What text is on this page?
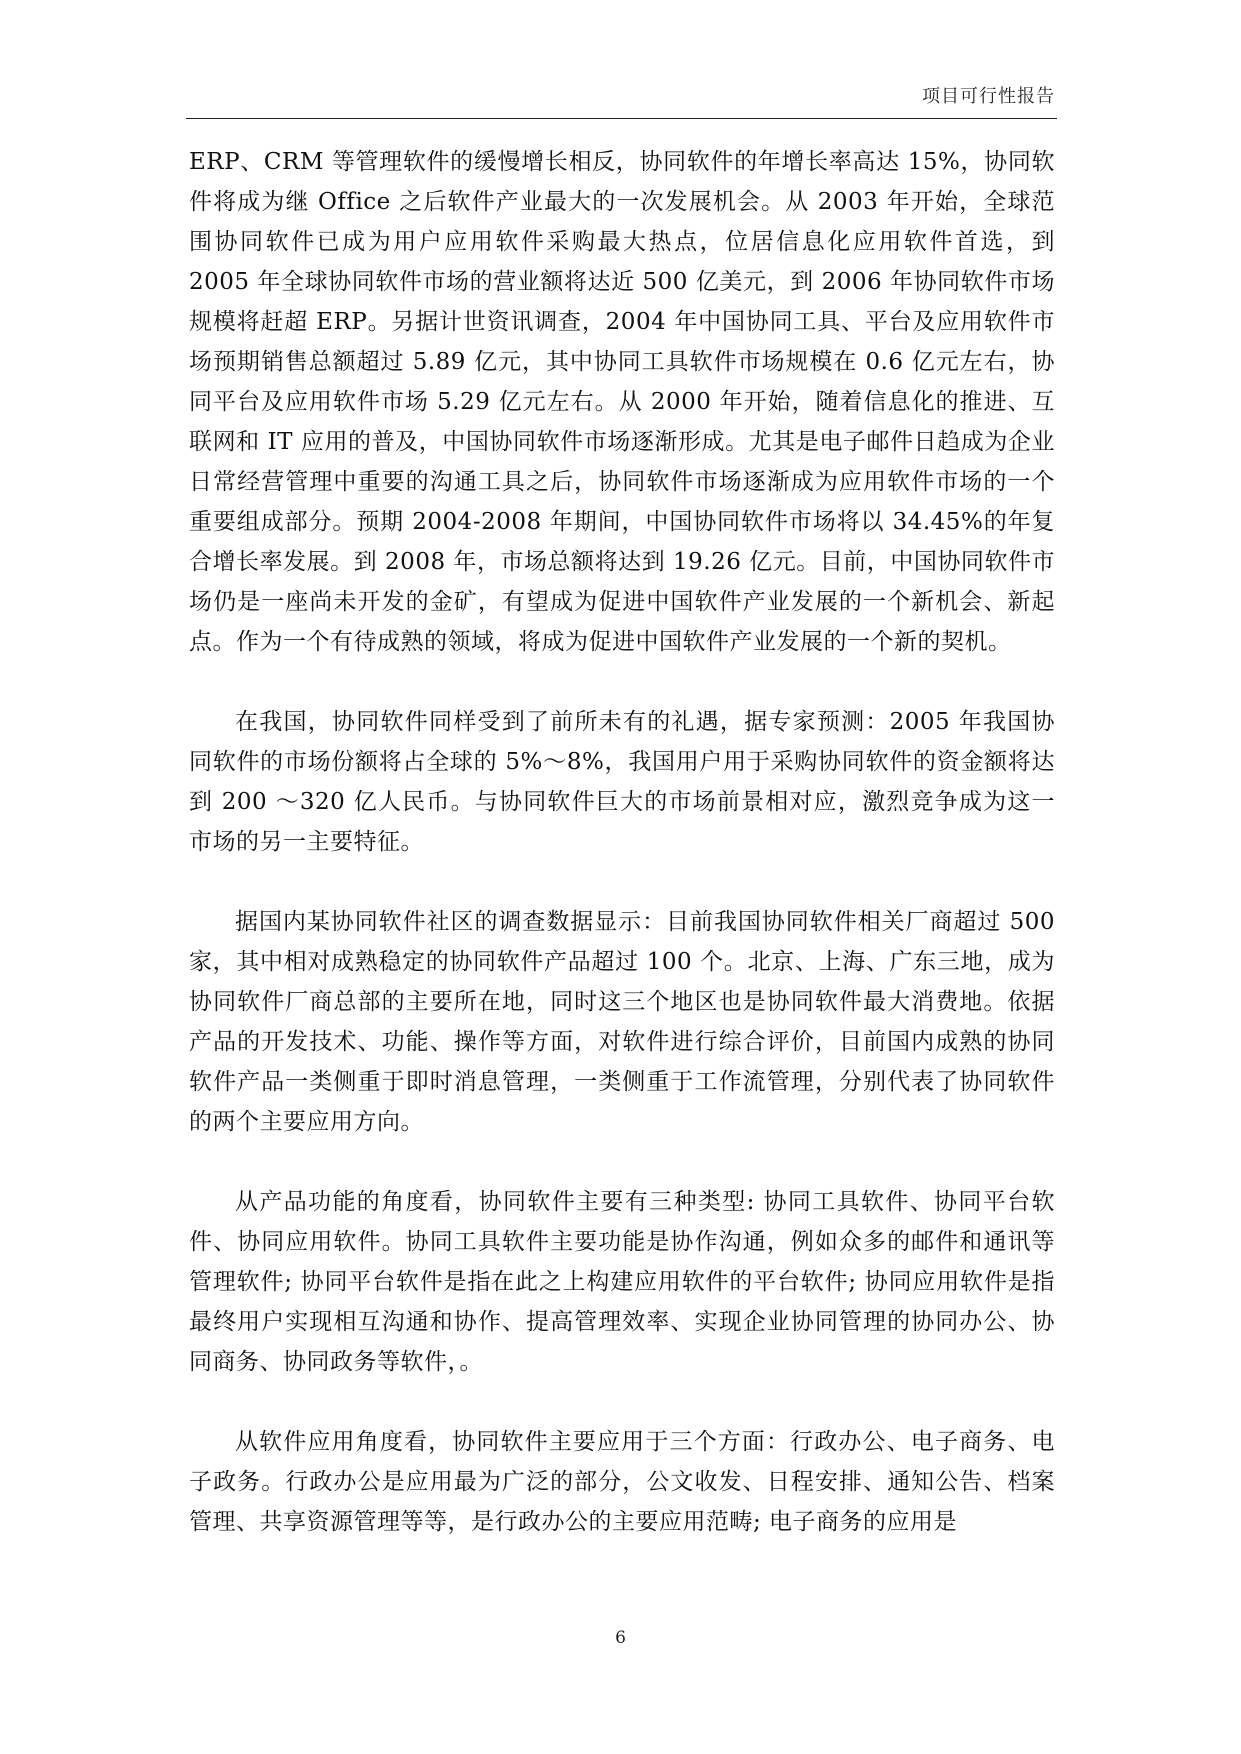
项目可行性报告

ERP、CRM 等管理软件的缓慢增长相反，协同软件的年增长率高达 15%，协同软件将成为继 Office 之后软件产业最大的一次发展机会。从 2003 年开始，全球范围协同软件已成为用户应用软件采购最大热点，位居信息化应用软件首选，到 2005 年全球协同软件市场的营业额将达近 500 亿美元，到 2006 年协同软件市场规模将赶超 ERP。另据计世资讯调查，2004 年中国协同工具、平台及应用软件市场预期销售总额超过 5.89 亿元，其中协同工具软件市场规模在 0.6 亿元左右，协同平台及应用软件市场 5.29 亿元左右。从 2000 年开始，随着信息化的推进、互联网和 IT 应用的普及，中国协同软件市场逐渐形成。尤其是电子邮件日趋成为企业日常经营管理中重要的沟通工具之后，协同软件市场逐渐成为应用软件市场的一个重要组成部分。预期 2004-2008 年期间，中国协同软件市场将以 34.45%的年复合增长率发展。到 2008 年，市场总额将达到 19.26 亿元。目前，中国协同软件市场仍是一座尚未开发的金矿，有望成为促进中国软件产业发展的一个新机会、新起点。作为一个有待成熟的领域，将成为促进中国软件产业发展的一个新的契机。

在我国，协同软件同样受到了前所未有的礼遇，据专家预测：2005 年我国协同软件的市场份额将占全球的 5%～8%，我国用户用于采购协同软件的资金额将达到 200 ～320 亿人民币。与协同软件巨大的市场前景相对应，激烈竞争成为这一市场的另一主要特征。

据国内某协同软件社区的调查数据显示：目前我国协同软件相关厂商超过 500 家，其中相对成熟稳定的协同软件产品超过 100 个。北京、上海、广东三地，成为协同软件厂商总部的主要所在地，同时这三个地区也是协同软件最大消费地。依据产品的开发技术、功能、操作等方面，对软件进行综合评价，目前国内成熟的协同软件产品一类侧重于即时消息管理，一类侧重于工作流管理，分别代表了协同软件的两个主要应用方向。

从产品功能的角度看，协同软件主要有三种类型: 协同工具软件、协同平台软件、协同应用软件。协同工具软件主要功能是协作沟通，例如众多的邮件和通讯等管理软件; 协同平台软件是指在此之上构建应用软件的平台软件; 协同应用软件是指最终用户实现相互沟通和协作、提高管理效率、实现企业协同管理的协同办公、协同商务、协同政务等软件，。

从软件应用角度看，协同软件主要应用于三个方面：行政办公、电子商务、电子政务。行政办公是应用最为广泛的部分，公文收发、日程安排、通知公告、档案管理、共享资源管理等等，是行政办公的主要应用范畴; 电子商务的应用是

6
